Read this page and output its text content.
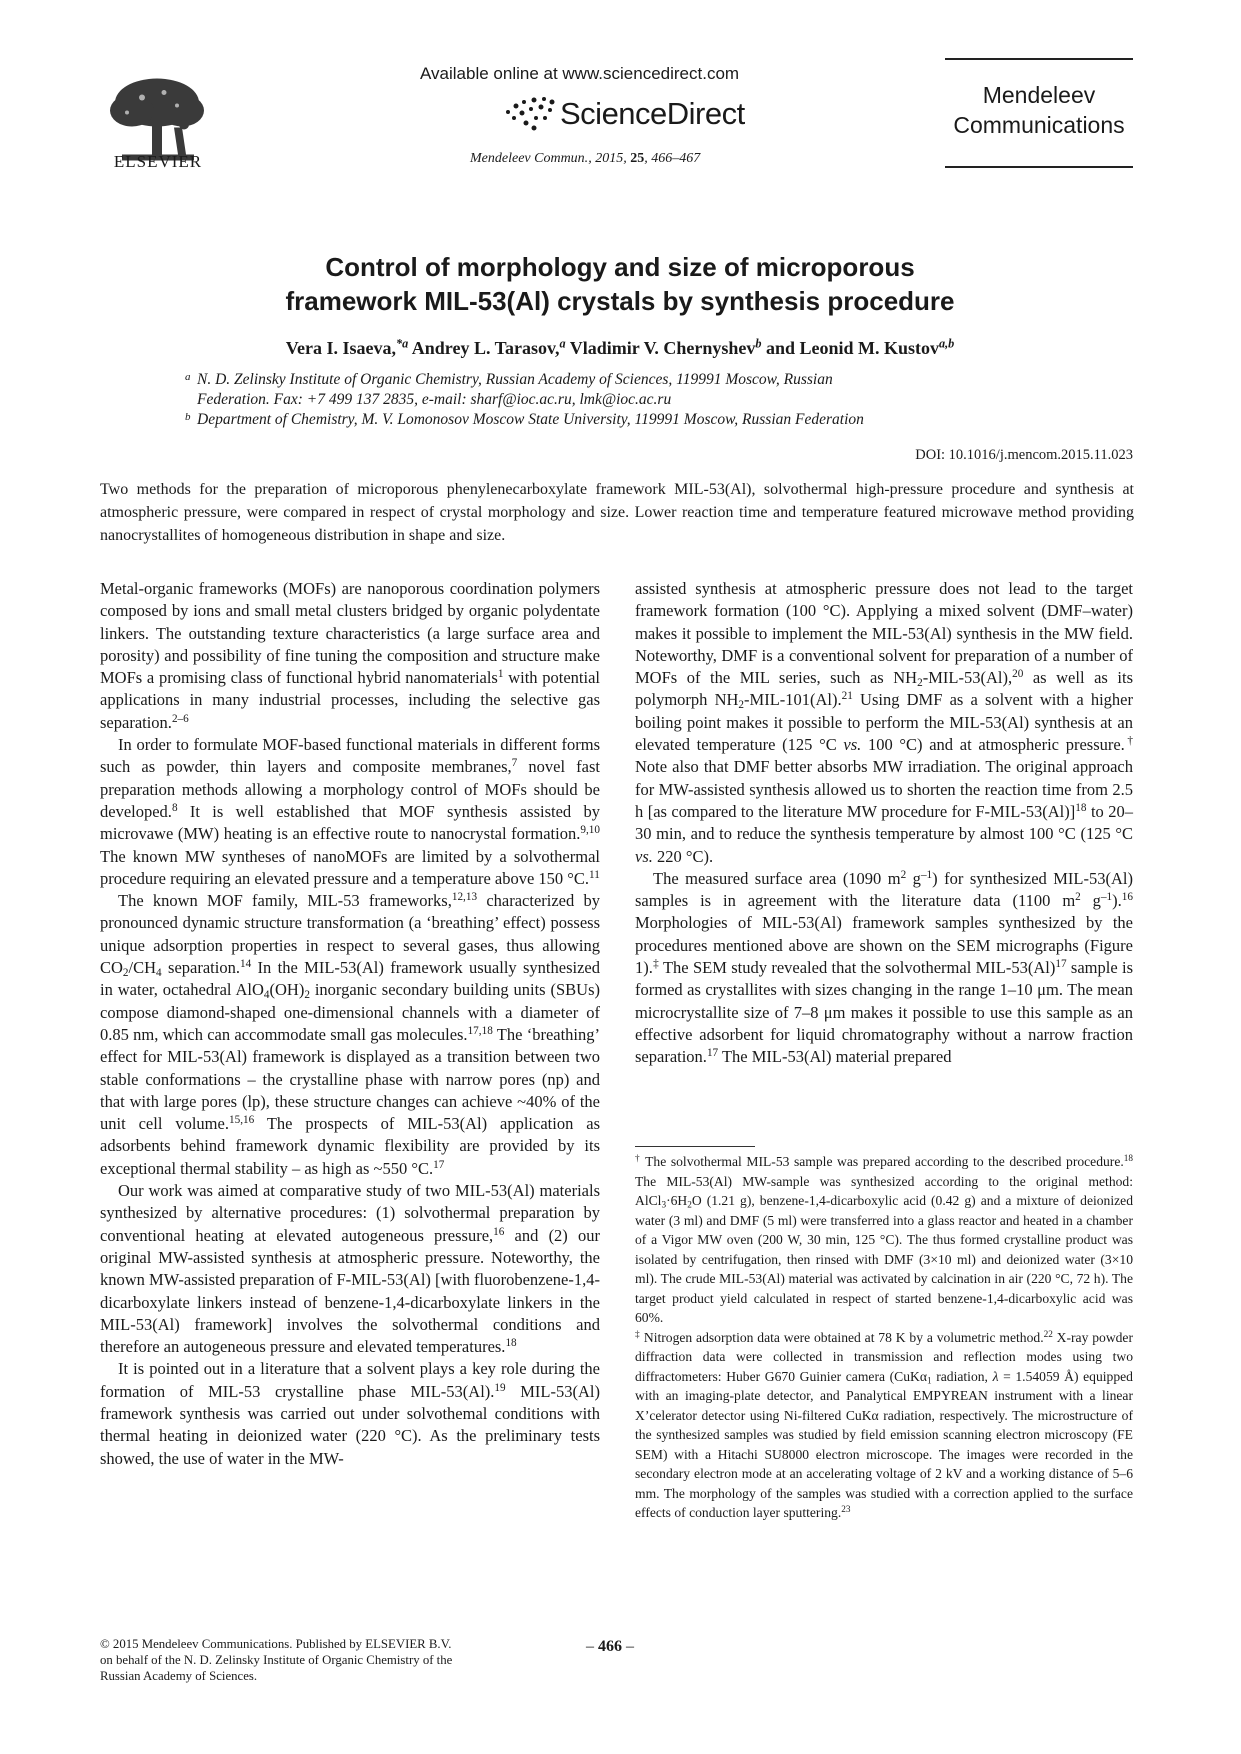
ELSEVIER
Available online at www.sciencedirect.com
ScienceDirect
Mendeleev Commun., 2015, 25, 466–467
Mendeleev
Communications
Control of morphology and size of microporous
framework MIL-53(Al) crystals by synthesis procedure
Vera I. Isaeva,$^{*a}$ Andrey L. Tarasov,$^a$ Vladimir V. Chernyshev$^b$ and Leonid M. Kustov$^{a,b}$
a N. D. Zelinsky Institute of Organic Chemistry, Russian Academy of Sciences, 119991 Moscow, Russian
Federation. Fax: +7 499 137 2835, e-mail: sharf@ioc.ac.ru, lmk@ioc.ac.ru
b Department of Chemistry, M. V. Lomonosov Moscow State University, 119991 Moscow, Russian Federation
DOI: 10.1016/j.mencom.2015.11.023
Two methods for the preparation of microporous phenylenecarboxylate framework MIL-53(Al), solvothermal high-pressure procedure and synthesis at atmospheric pressure, were compared in respect of crystal morphology and size. Lower reaction time and temperature featured microwave method providing nanocrystallites of homogeneous distribution in shape and size.

Metal-organic frameworks (MOFs) are nanoporous coordination polymers composed by ions and small metal clusters bridged by organic polydentate linkers. The outstanding texture characteristics (a large surface area and porosity) and possibility of fine tuning the composition and structure make MOFs a promising class of functional hybrid nanomaterials$^1$ with potential applications in many industrial processes, including the selective gas separation.$^{2-6}$

In order to formulate MOF-based functional materials in different forms such as powder, thin layers and composite membranes,$^7$ novel fast preparation methods allowing a morphology control of MOFs should be developed.$^8$ It is well established that MOF synthesis assisted by microvawe (MW) heating is an effective route to nanocrystal formation.$^{9,10}$ The known MW syntheses of nanoMOFs are limited by a solvothermal procedure requiring an elevated pressure and a temperature above 150 °C.$^{11}$

The known MOF family, MIL-53 frameworks,$^{12,13}$ characterized by pronounced dynamic structure transformation (a ‘breathing’ effect) possess unique adsorption properties in respect to several gases, thus allowing $CO_2/CH_4$ separation.$^{14}$ In the MIL-53(Al) framework usually synthesized in water, octahedral $AlO_4(OH)_2$ inorganic secondary building units (SBUs) compose diamond-shaped one-dimensional channels with a diameter of 0.85 nm, which can accommodate small gas molecules.$^{17,18}$ The ‘breathing’ effect for MIL-53(Al) framework is displayed as a transition between two stable conformations – the crystalline phase with narrow pores (np) and that with large pores (lp), these structure changes can achieve ~40% of the unit cell volume.$^{15,16}$ The prospects of MIL-53(Al) application as adsorbents behind framework dynamic flexibility are provided by its exceptional thermal stability – as high as ~550 °C.$^{17}$

Our work was aimed at comparative study of two MIL-53(Al) materials synthesized by alternative procedures: (1) solvothermal preparation by conventional heating at elevated autogeneous pressure,$^{16}$ and (2) our original MW-assisted synthesis at atmospheric pressure. Noteworthy, the known MW-assisted preparation of F-MIL-53(Al) [with fluorobenzene-1,4-dicarboxylate linkers instead of benzene-1,4-dicarboxylate linkers in the MIL-53(Al) framework] involves the solvothermal conditions and therefore an autogeneous pressure and elevated temperatures.$^{18}$

It is pointed out in a literature that a solvent plays a key role during the formation of MIL-53 crystalline phase MIL-53(Al).$^{19}$ MIL-53(Al) framework synthesis was carried out under solvothemal conditions with thermal heating in deionized water (220 °C). As the preliminary tests showed, the use of water in the MW-

assisted synthesis at atmospheric pressure does not lead to the target framework formation (100 °C). Applying a mixed solvent (DMF–water) makes it possible to implement the MIL-53(Al) synthesis in the MW field. Noteworthy, DMF is a conventional solvent for preparation of a number of MOFs of the MIL series, such as $NH_2-MIL-53(Al),^{20}$ as well as its polymorph $NH_2-MIL-101(Al).^{21}$ Using DMF as a solvent with a higher boiling point makes it possible to perform the MIL-53(Al) synthesis at an elevated temperature (125 °C vs. 100 °C) and at atmospheric pressure.† Note also that DMF better absorbs MW irradiation. The original approach for MW-assisted synthesis allowed us to shorten the reaction time from 2.5 h [as compared to the literature MW procedure for F-MIL-53(Al)]$^{18}$ to 20–30 min, and to reduce the synthesis temperature by almost 100 °C (125 °C vs. 220 °C).

The measured surface area (1090 $m^2$ $g^{-1}$) for synthesized MIL-53(Al) samples is in agreement with the literature data (1100 $m^2$ $g^{-1}).^{16}$ Morphologies of MIL-53(Al) framework samples synthesized by the procedures mentioned above are shown on the SEM micrographs (Figure 1).‡ The SEM study revealed that the solvothermal MIL-$53(Al)^{17}$ sample is formed as crystallites with sizes changing in the range 1–10 μm. The mean microcrystallite size of 7–8 μm makes it possible to use this sample as an effective adsorbent for liquid chromatography without a narrow fraction separation.$^{17}$ The MIL-53(Al) material prepared

† The solvothermal MIL-53 sample was prepared according to the described procedure.$^{18}$ The MIL-53(Al) MW-sample was synthesized according to the original method: $AlCl_3\cdot 6H_2O$ (1.21 g), benzene-1,4-dicarboxylic acid (0.42 g) and a mixture of deionized water (3 ml) and DMF (5 ml) were transferred into a glass reactor and heated in a chamber of a Vigor MW oven (200 W, 30 min, 125 °C). The thus formed crystalline product was isolated by centrifugation, then rinsed with DMF (3×10 ml) and deionized water (3×10 ml). The crude MIL-53(Al) material was activated by calcination in air (220 °C, 72 h). The target product yield calculated in respect of started benzene-1,4-dicarboxylic acid was 60%.

‡ Nitrogen adsorption data were obtained at 78 K by a volumetric method.$^{22}$ X-ray powder diffraction data were collected in transmission and reflection modes using two diffractometers: Huber G670 Guinier camera (CuKα$_1$ radiation, λ = 1.54059 Å) equipped with an imaging-plate detector, and Panalytical EMPYREAN instrument with a linear X’celerator detector using Ni-filtered CuKα radiation, respectively. The microstructure of the synthesized samples was studied by field emission scanning electron microscopy (FE SEM) with a Hitachi SU8000 electron microscope. The images were recorded in the secondary electron mode at an accelerating voltage of 2 kV and a working distance of 5–6 mm. The morphology of the samples was studied with a correction applied to the surface effects of conduction layer sputtering.$^{23}$

© 2015 Mendeleev Communications. Published by ELSEVIER B.V.
on behalf of the N. D. Zelinsky Institute of Organic Chemistry of the
Russian Academy of Sciences.
– 466 –
